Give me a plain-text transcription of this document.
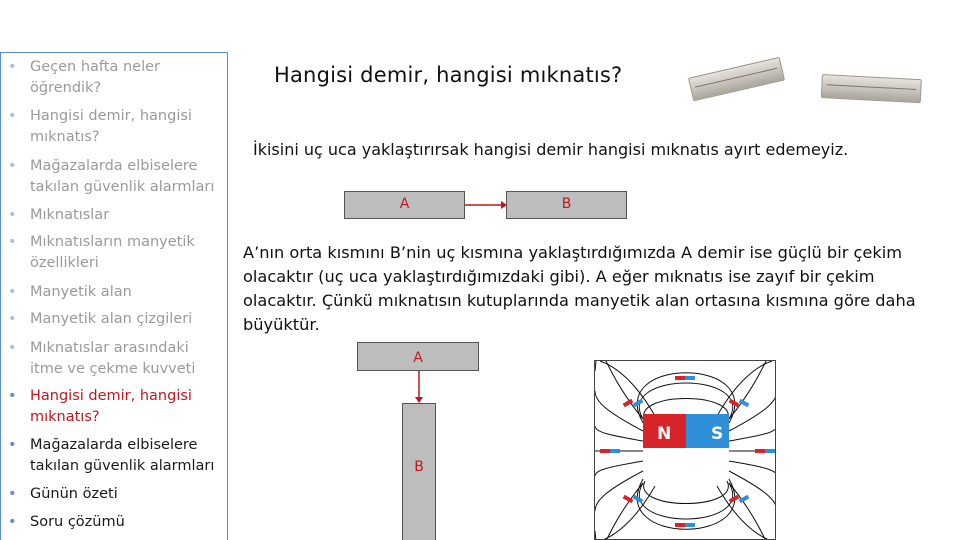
• Geçen hafta neler öğrendik?
• Hangisi demir, hangisi mıknatıs?
• Mağazalarda elbiselere takılan güvenlik alarmları
• Mıknatıslar
• Mıknatısların manyetik özellikleri
• Manyetik alan
• Manyetik alan çizgileri
• Mıknatıslar arasındaki itme ve çekme kuvveti
• Hangisi demir, hangisi mıknatıs?
• Mağazalarda elbiselere takılan güvenlik alarmları
• Günün özeti
• Soru çözümü
Hangisi demir, hangisi mıknatıs?
İkisini uç uca yaklaştırırsak hangisi demir hangisi mıknatıs ayırt edemeyiz.
A	B
A’nın orta kısmını B’nin uç kısmına yaklaştırdığımızda A demir ise güçlü bir çekim olacaktır (uç uca yaklaştırdığımızdaki gibi). A eğer mıknatıs ise zayıf bir çekim olacaktır. Çünkü mıknatısın kutuplarında manyetik alan ortasına kısmına göre daha büyüktür.
A
B
N S
